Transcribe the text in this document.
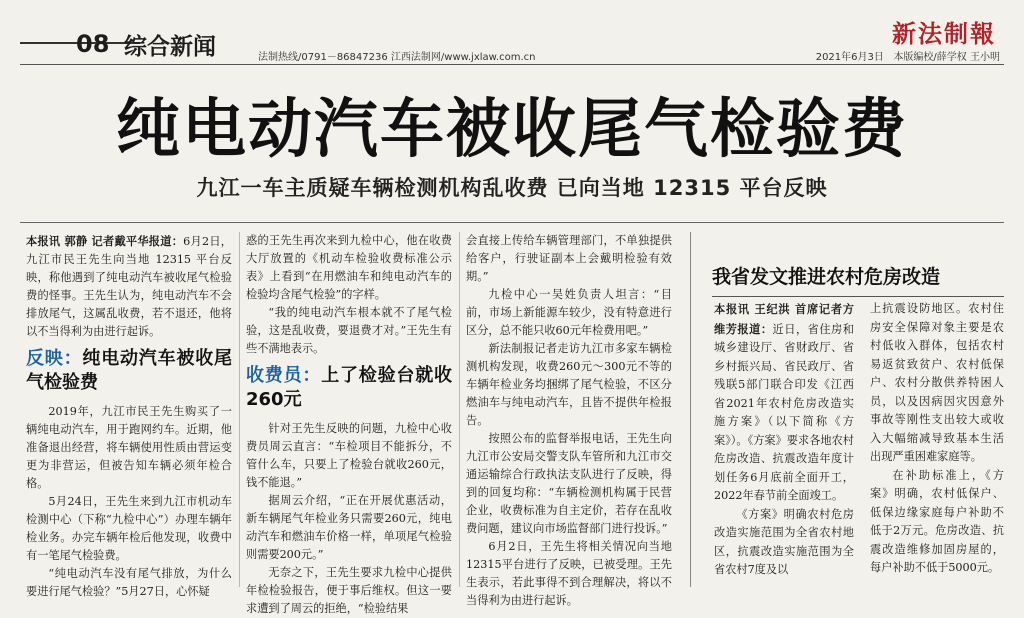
08 综合新闻	法制热线/0791－86847236 江西法制网/www.jxlaw.com.cn
新法制報
2021年6月3日 本版编校/薛学权 王小明
纯电动汽车被收尾气检验费
九江一车主质疑车辆检测机构乱收费 已向当地 12315 平台反映

本报讯 郭静 记者戴平华报道：6月2日，九江市民王先生向当地 12315 平台反映，称他遇到了纯电动汽车被收尾气检验费的怪事。王先生认为，纯电动汽车不会排放尾气，这属乱收费，若不退还，他将以不当得利为由进行起诉。

反映：纯电动汽车被收尾气检验费

2019年，九江市民王先生购买了一辆纯电动汽车，用于跑网约车。近期，他准备退出经营，将车辆使用性质由营运变更为非营运，但被告知车辆必须年检合格。

5月24日，王先生来到九江市机动车检测中心（下称“九检中心”）办理车辆年检业务。办完车辆年检后他发现，收费中有一笔尾气检验费。

“纯电动汽车没有尾气排放，为什么要进行尾气检验？”5月27日，心怀疑

惑的王先生再次来到九检中心，他在收费大厅放置的《机动车检验收费标准公示表》上看到“在用燃油车和纯电动汽车的检验均含尾气检验”的字样。

“我的纯电动汽车根本就不了尾气检验，这是乱收费，要退费才对。”王先生有些不满地表示。

收费员：上了检验台就收260元

针对王先生反映的问题，九检中心收费员周云直言：“车检项目不能拆分，不管什么车，只要上了检验台就收260元，钱不能退。”

据周云介绍，“正在开展优惠活动，新车辆尾气年检业务只需要260元，纯电动汽车和燃油车价格一样，单项尾气检验则需要200元。”

无奈之下，王先生要求九检中心提供年检检验报告，便于事后维权。但这一要求遭到了周云的拒绝，“检验结果

会直接上传给车辆管理部门，不单独提供给客户，行驶证副本上会戴明检验有效期。”

九检中心一吴姓负责人坦言：“目前，市场上新能源车较少，没有特意进行区分，总不能只收60元年检费用吧。”

新法制报记者走访九江市多家车辆检测机构发现，收费260元～300元不等的车辆年检业务均捆绑了尾气检验，不区分燃油车与纯电动汽车，且皆不提供年检报告。

按照公布的监督举报电话，王先生向九江市公安局交警支队车管所和九江市交通运输综合行政执法支队进行了反映，得到的回复均称：“车辆检测机构属于民营企业，收费标准为自主定价，若存在乱收费问题，建议向市场监督部门进行投诉。”

6月2日，王先生将相关情况向当地12315平台进行了反映，已被受理。王先生表示，若此事得不到合理解决，将以不当得利为由进行起诉。

我省发文推进农村危房改造

本报讯 王纪洪 首席记者方维芳报道：近日，省住房和城乡建设厅、省财政厅、省乡村振兴局、省民政厅、省残联5部门联合印发《江西省2021年农村危房改造实施方案》（以下简称《方案》）。《方案》要求各地农村危房改造、抗震改造年度计划任务6月底前全面开工，2022年春节前全面竣工。

《方案》明确农村危房改造实施范围为全省农村地区，抗震改造实施范围为全省农村7度及以

上抗震设防地区。农村住房安全保障对象主要是农村低收入群体，包括农村易返贫致贫户、农村低保户、农村分散供养特困人员，以及因病因灾因意外事故等刚性支出较大或收入大幅缩减导致基本生活出现严重困难家庭等。

在补助标准上，《方案》明确，农村低保户、低保边缘家庭每户补助不低于2万元。危房改造、抗震改造维修加固房屋的，每户补助不低于5000元。
